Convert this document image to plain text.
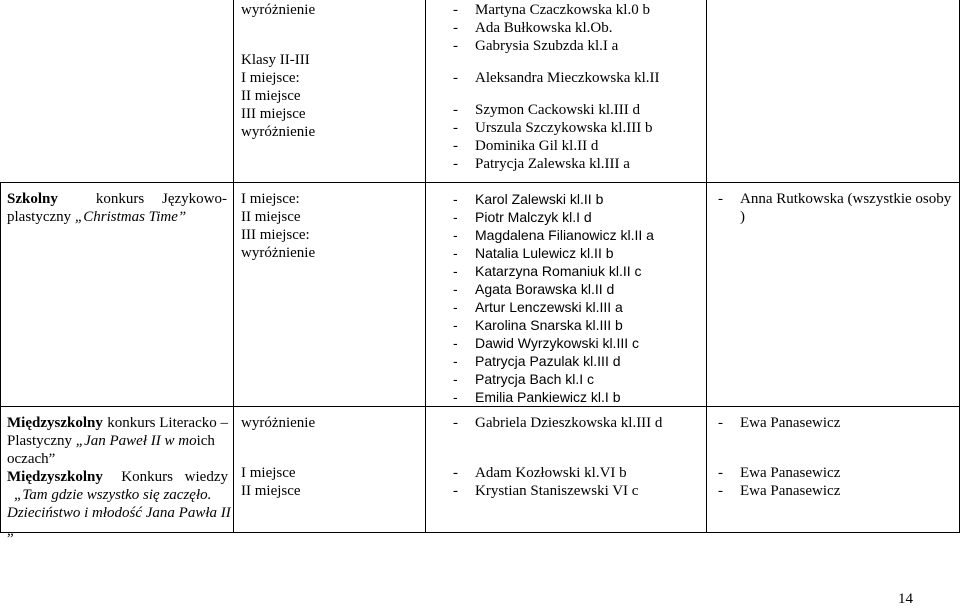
wyróżnienie
Klasy II-III
I miejsce:
II miejsce
III miejsce
wyróżnienie
- Martyna Czaczkowska kl.0 b
- Ada Bułkowska kl.Ob.
- Gabrysia Szubzda kl.I a
- Aleksandra Mieczkowska kl.II
- Szymon Cackowski kl.III d
- Urszula Szczykowska kl.III b
- Dominika Gil kl.II d
- Patrycja Zalewska kl.III a
Szkolny	konkurs Językowo-
plastyczny „Christmas Time”
I miejsce:
II miejsce
III miejsce:
wyróżnienie
- Karol Zalewski kl.II b
- Piotr Malczyk kl.I d
- Magdalena Filianowicz kl.II a
- Natalia Lulewicz kl.II b
- Katarzyna Romaniuk kl.II c
- Agata Borawska kl.II d
- Artur Lenczewski kl.III a
- Karolina Snarska kl.III b
- Dawid Wyrzykowski kl.III c
- Patrycja Pazulak kl.III d
- Patrycja Bach kl.I c
- Emilia Pankiewicz kl.I b
- Anna Rutkowska (wszystkie osoby
)
Międzyszkolny konkurs Literacko –
Plastyczny „Jan Paweł II w moich
oczach”
Międzyszkolny Konkurs wiedzy
„Tam gdzie wszystko się zaczęło.
Dzieciństwo i młodość Jana Pawła II
„
wyróżnienie
I miejsce
II miejsce
- Gabriela Dzieszkowska kl.III d
- Adam Kozłowski kl.VI b
- Krystian Staniszewski VI c
- Ewa Panasewicz
- Ewa Panasewicz
- Ewa Panasewicz
14
